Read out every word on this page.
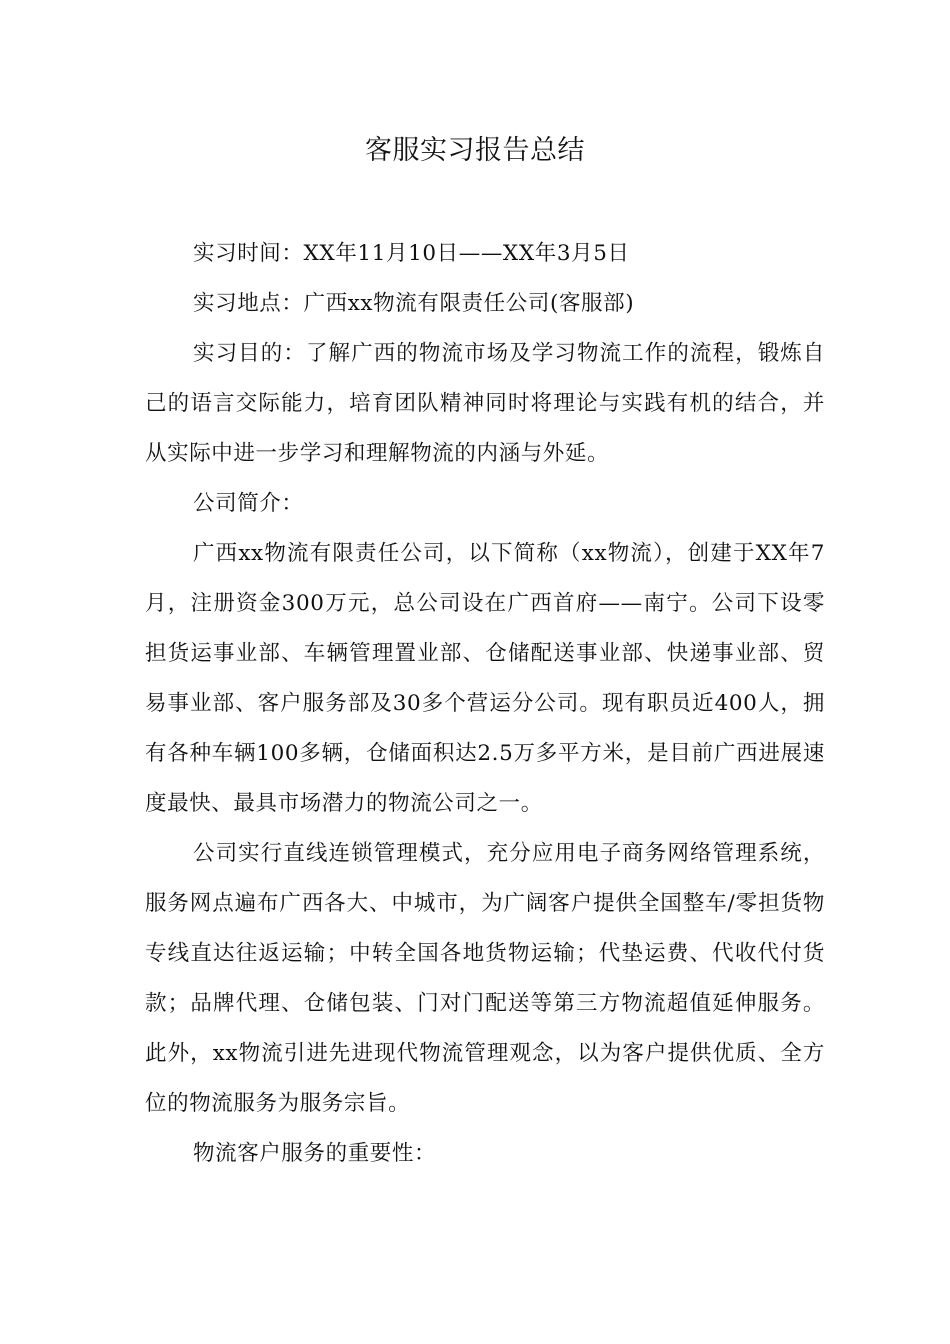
客服实习报告总结

实习时间：XX年11月10日——XX年3月5日

实习地点：广西xx物流有限责任公司(客服部)

实习目的：了解广西的物流市场及学习物流工作的流程，锻炼自己的语言交际能力，培育团队精神同时将理论与实践有机的结合，并从实际中进一步学习和理解物流的内涵与外延。

公司简介：

广西xx物流有限责任公司，以下简称（xx物流），创建于XX年7月，注册资金300万元，总公司设在广西首府——南宁。公司下设零担货运事业部、车辆管理置业部、仓储配送事业部、快递事业部、贸易事业部、客户服务部及30多个营运分公司。现有职员近400人，拥有各种车辆100多辆，仓储面积达2.5万多平方米，是目前广西进展速度最快、最具市场潜力的物流公司之一。

公司实行直线连锁管理模式，充分应用电子商务网络管理系统，服务网点遍布广西各大、中城市，为广阔客户提供全国整车/零担货物专线直达往返运输；中转全国各地货物运输；代垫运费、代收代付货款；品牌代理、仓储包装、门对门配送等第三方物流超值延伸服务。此外，xx物流引进先进现代物流管理观念，以为客户提供优质、全方位的物流服务为服务宗旨。

物流客户服务的重要性：
